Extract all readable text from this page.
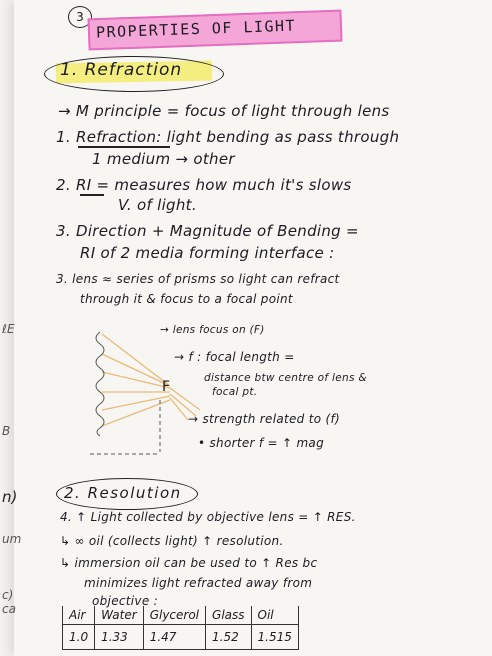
ℓE
B
n)
um
c)
ca
3 PROPERTIES OF LIGHT
1. Refraction
→ M principle = focus of light through lens
1. Refraction: light bending as pass through
1 medium → other
2. RI = measures how much it's slows
V. of light.
3. Direction + Magnitude of Bending =
RI of 2 media forming interface :
3. lens ≈ series of prisms so light can refract
through it & focus to a focal point
→ lens focus on (F)
F
→ f : focal length =
distance btw centre of lens &
focal pt.
→ strength related to (f)
• shorter f = ↑ mag
2. Resolution
4. ↑ Light collected by objective lens = ↑ RES.
↳ ∞ oil (collects light) ↑ resolution.
↳ immersion oil can be used to ↑ Res bc
minimizes light refracted away from
objective :
Air	Water	Glycerol	Glass	Oil
1.0	1.33	1.47	1.52	1.515
